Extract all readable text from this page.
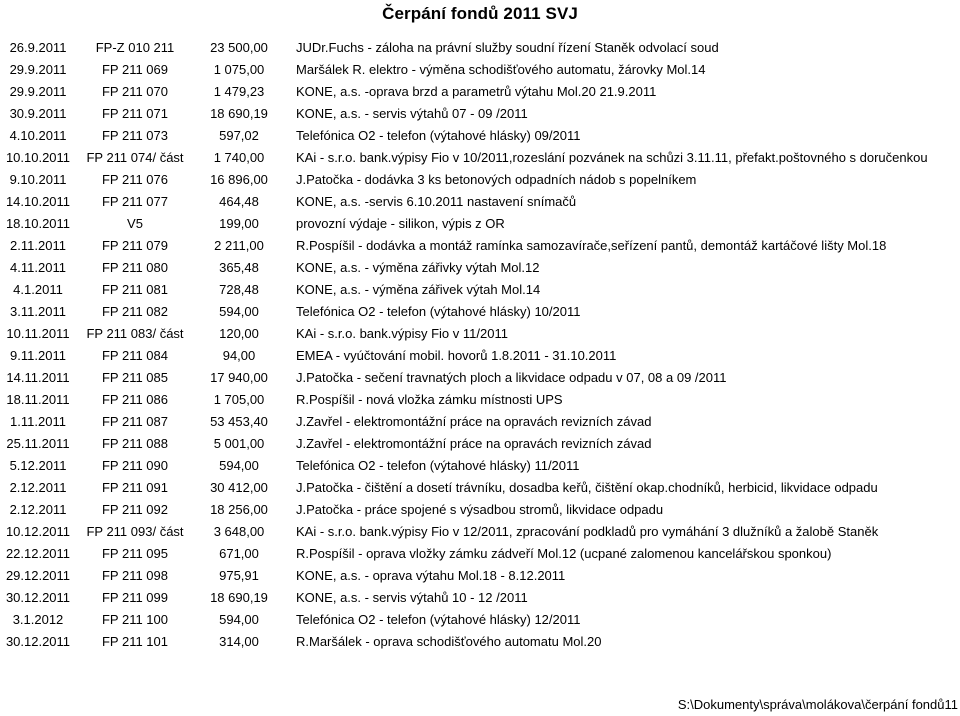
Čerpání fondů 2011 SVJ
26.9.2011	FP-Z 010 211	23 500,00	JUDr.Fuchs - záloha na právní služby soudní řízení Staněk odvolací soud
29.9.2011	FP 211 069	1 075,00	Maršálek R. elektro - výměna schodišťového automatu, žárovky Mol.14
29.9.2011	FP 211 070	1 479,23	KONE, a.s. -oprava brzd a parametrů výtahu Mol.20 21.9.2011
30.9.2011	FP 211 071	18 690,19	KONE, a.s. - servis výtahů 07 - 09 /2011
4.10.2011	FP 211 073	597,02	Telefónica O2 - telefon (výtahové hlásky) 09/2011
10.10.2011	FP 211 074/ část	1 740,00	KAi - s.r.o. bank.výpisy Fio v 10/2011,rozeslání pozvánek na schůzi 3.11.11, přefakt.poštovného s doručenkou
9.10.2011	FP 211 076	16 896,00	J.Patočka - dodávka 3 ks betonových odpadních nádob s popelníkem
14.10.2011	FP 211 077	464,48	KONE, a.s. -servis 6.10.2011 nastavení snímačů
18.10.2011	V5	199,00	provozní výdaje - silikon, výpis z OR
2.11.2011	FP 211 079	2 211,00	R.Pospíšil - dodávka a montáž ramínka samozavírače,seřízení pantů, demontáž kartáčové lišty Mol.18
4.11.2011	FP 211 080	365,48	KONE, a.s. - výměna zářivky výtah Mol.12
4.1.2011	FP 211 081	728,48	KONE, a.s. - výměna zářivek výtah Mol.14
3.11.2011	FP 211 082	594,00	Telefónica O2 - telefon (výtahové hlásky) 10/2011
10.11.2011	FP 211 083/ část	120,00	KAi - s.r.o. bank.výpisy Fio v 11/2011
9.11.2011	FP 211 084	94,00	EMEA - vyúčtování mobil. hovorů 1.8.2011 - 31.10.2011
14.11.2011	FP 211 085	17 940,00	J.Patočka - sečení travnatých ploch a likvidace odpadu v 07, 08 a 09 /2011
18.11.2011	FP 211 086	1 705,00	R.Pospíšil - nová vložka zámku místnosti UPS
1.11.2011	FP 211 087	53 453,40	J.Zavřel - elektromontážní práce na opravách revizních závad
25.11.2011	FP 211 088	5 001,00	J.Zavřel - elektromontážní práce na opravách revizních závad
5.12.2011	FP 211 090	594,00	Telefónica O2 - telefon (výtahové hlásky) 11/2011
2.12.2011	FP 211 091	30 412,00	J.Patočka - čištění a dosetí trávníku, dosadba keřů, čištění okap.chodníků, herbicid, likvidace odpadu
2.12.2011	FP 211 092	18 256,00	J.Patočka - práce spojené s výsadbou stromů, likvidace odpadu
10.12.2011	FP 211 093/ část	3 648,00	KAi - s.r.o. bank.výpisy Fio v 12/2011, zpracování podkladů pro vymáhání 3 dlužníků a žalobě Staněk
22.12.2011	FP 211 095	671,00	R.Pospíšil - oprava vložky zámku zádveří Mol.12 (ucpané zalomenou kancelářskou sponkou)
29.12.2011	FP 211 098	975,91	KONE, a.s. - oprava výtahu Mol.18 - 8.12.2011
30.12.2011	FP 211 099	18 690,19	KONE, a.s. - servis výtahů 10 - 12 /2011
3.1.2012	FP 211 100	594,00	Telefónica O2 - telefon (výtahové hlásky) 12/2011
30.12.2011	FP 211 101	314,00	R.Maršálek - oprava schodišťového automatu Mol.20
S:\Dokumenty\správa\molákova\čerpání fondů11
